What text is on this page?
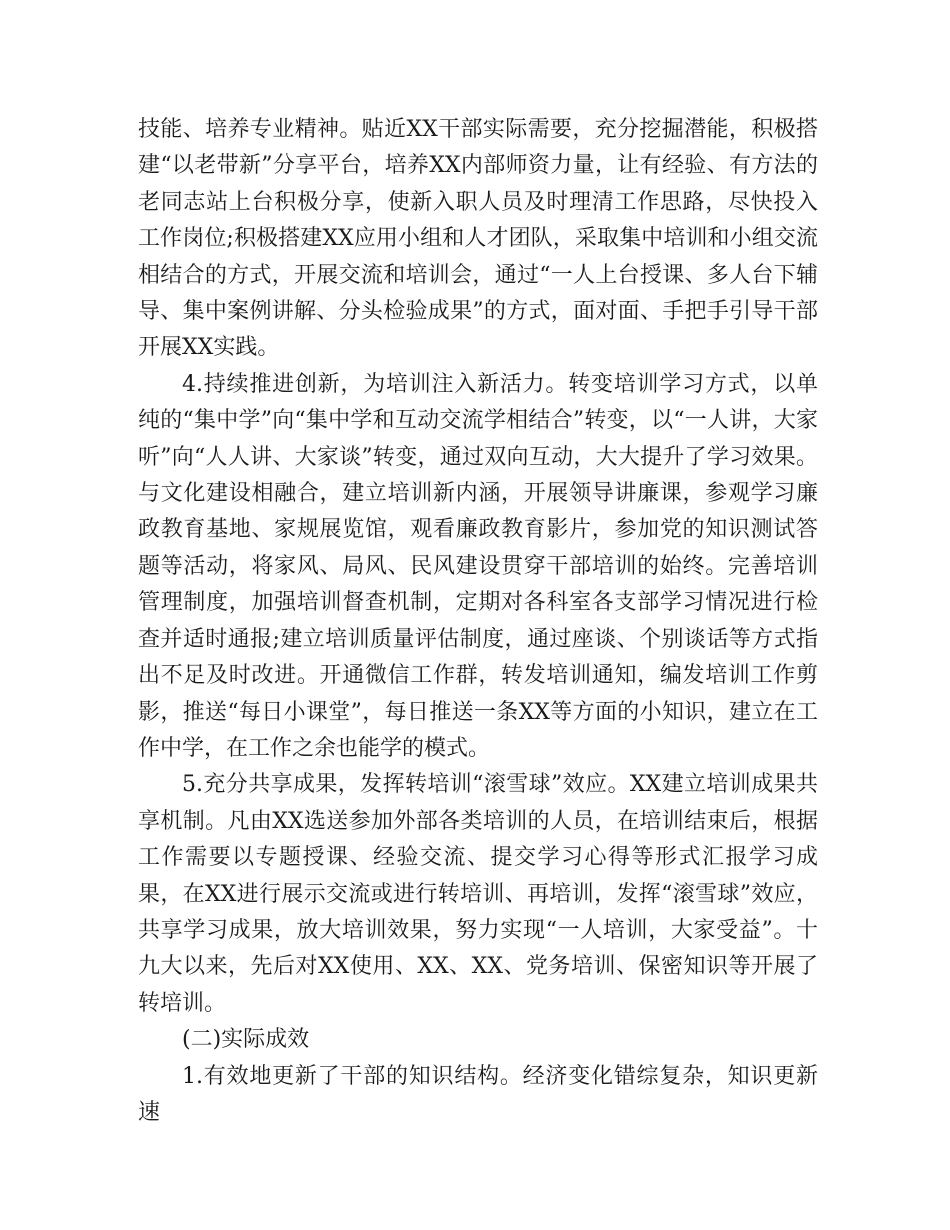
技能、培养专业精神。贴近XX干部实际需要，充分挖掘潜能，积极搭建“以老带新”分享平台，培养XX内部师资力量，让有经验、有方法的老同志站上台积极分享，使新入职人员及时理清工作思路，尽快投入工作岗位;积极搭建XX应用小组和人才团队，采取集中培训和小组交流相结合的方式，开展交流和培训会，通过“一人上台授课、多人台下辅导、集中案例讲解、分头检验成果”的方式，面对面、手把手引导干部开展XX实践。

4.持续推进创新，为培训注入新活力。转变培训学习方式，以单纯的“集中学”向“集中学和互动交流学相结合”转变，以“一人讲，大家听”向“人人讲、大家谈”转变，通过双向互动，大大提升了学习效果。与文化建设相融合，建立培训新内涵，开展领导讲廉课，参观学习廉政教育基地、家规展览馆，观看廉政教育影片，参加党的知识测试答题等活动，将家风、局风、民风建设贯穿干部培训的始终。完善培训管理制度，加强培训督查机制，定期对各科室各支部学习情况进行检查并适时通报;建立培训质量评估制度，通过座谈、个别谈话等方式指出不足及时改进。开通微信工作群，转发培训通知，编发培训工作剪影，推送“每日小课堂”，每日推送一条XX等方面的小知识，建立在工作中学，在工作之余也能学的模式。

5.充分共享成果，发挥转培训“滚雪球”效应。XX建立培训成果共享机制。凡由XX选送参加外部各类培训的人员，在培训结束后，根据工作需要以专题授课、经验交流、提交学习心得等形式汇报学习成果，在XX进行展示交流或进行转培训、再培训，发挥“滚雪球”效应，共享学习成果，放大培训效果，努力实现“一人培训，大家受益”。十九大以来，先后对XX使用、XX、XX、党务培训、保密知识等开展了转培训。

(二)实际成效

1.有效地更新了干部的知识结构。经济变化错综复杂，知识更新速
